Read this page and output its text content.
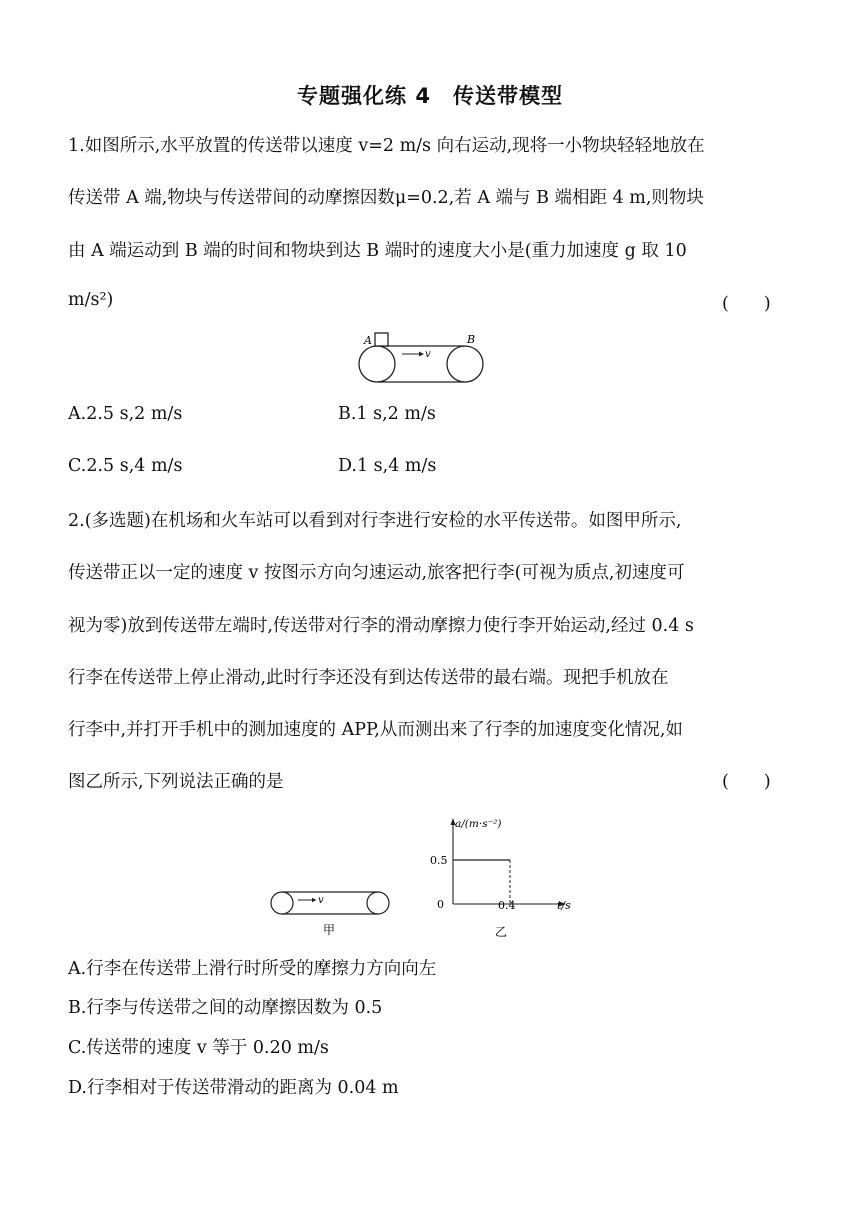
专题强化练 4　传送带模型
1.如图所示,水平放置的传送带以速度 v=2 m/s 向右运动,现将一小物块轻轻地放在
传送带 A 端,物块与传送带间的动摩擦因数μ=0.2,若 A 端与 B 端相距 4 m,则物块
由 A 端运动到 B 端的时间和物块到达 B 端时的速度大小是(重力加速度 g 取 10
m/s²)	(　　)
A	B
v
A.2.5 s,2 m/s	B.1 s,2 m/s
C.2.5 s,4 m/s	D.1 s,4 m/s
2.(多选题)在机场和火车站可以看到对行李进行安检的水平传送带。如图甲所示,
传送带正以一定的速度 v 按图示方向匀速运动,旅客把行李(可视为质点,初速度可
视为零)放到传送带左端时,传送带对行李的滑动摩擦力使行李开始运动,经过 0.4 s
行李在传送带上停止滑动,此时行李还没有到达传送带的最右端。现把手机放在
行李中,并打开手机中的测加速度的 APP,从而测出来了行李的加速度变化情况,如
图乙所示,下列说法正确的是	(　　)
v
甲
a/(m·s⁻²)
t/s
0.5
0	0.4
乙
A.行李在传送带上滑行时所受的摩擦力方向向左
B.行李与传送带之间的动摩擦因数为 0.5
C.传送带的速度 v 等于 0.20 m/s
D.行李相对于传送带滑动的距离为 0.04 m
